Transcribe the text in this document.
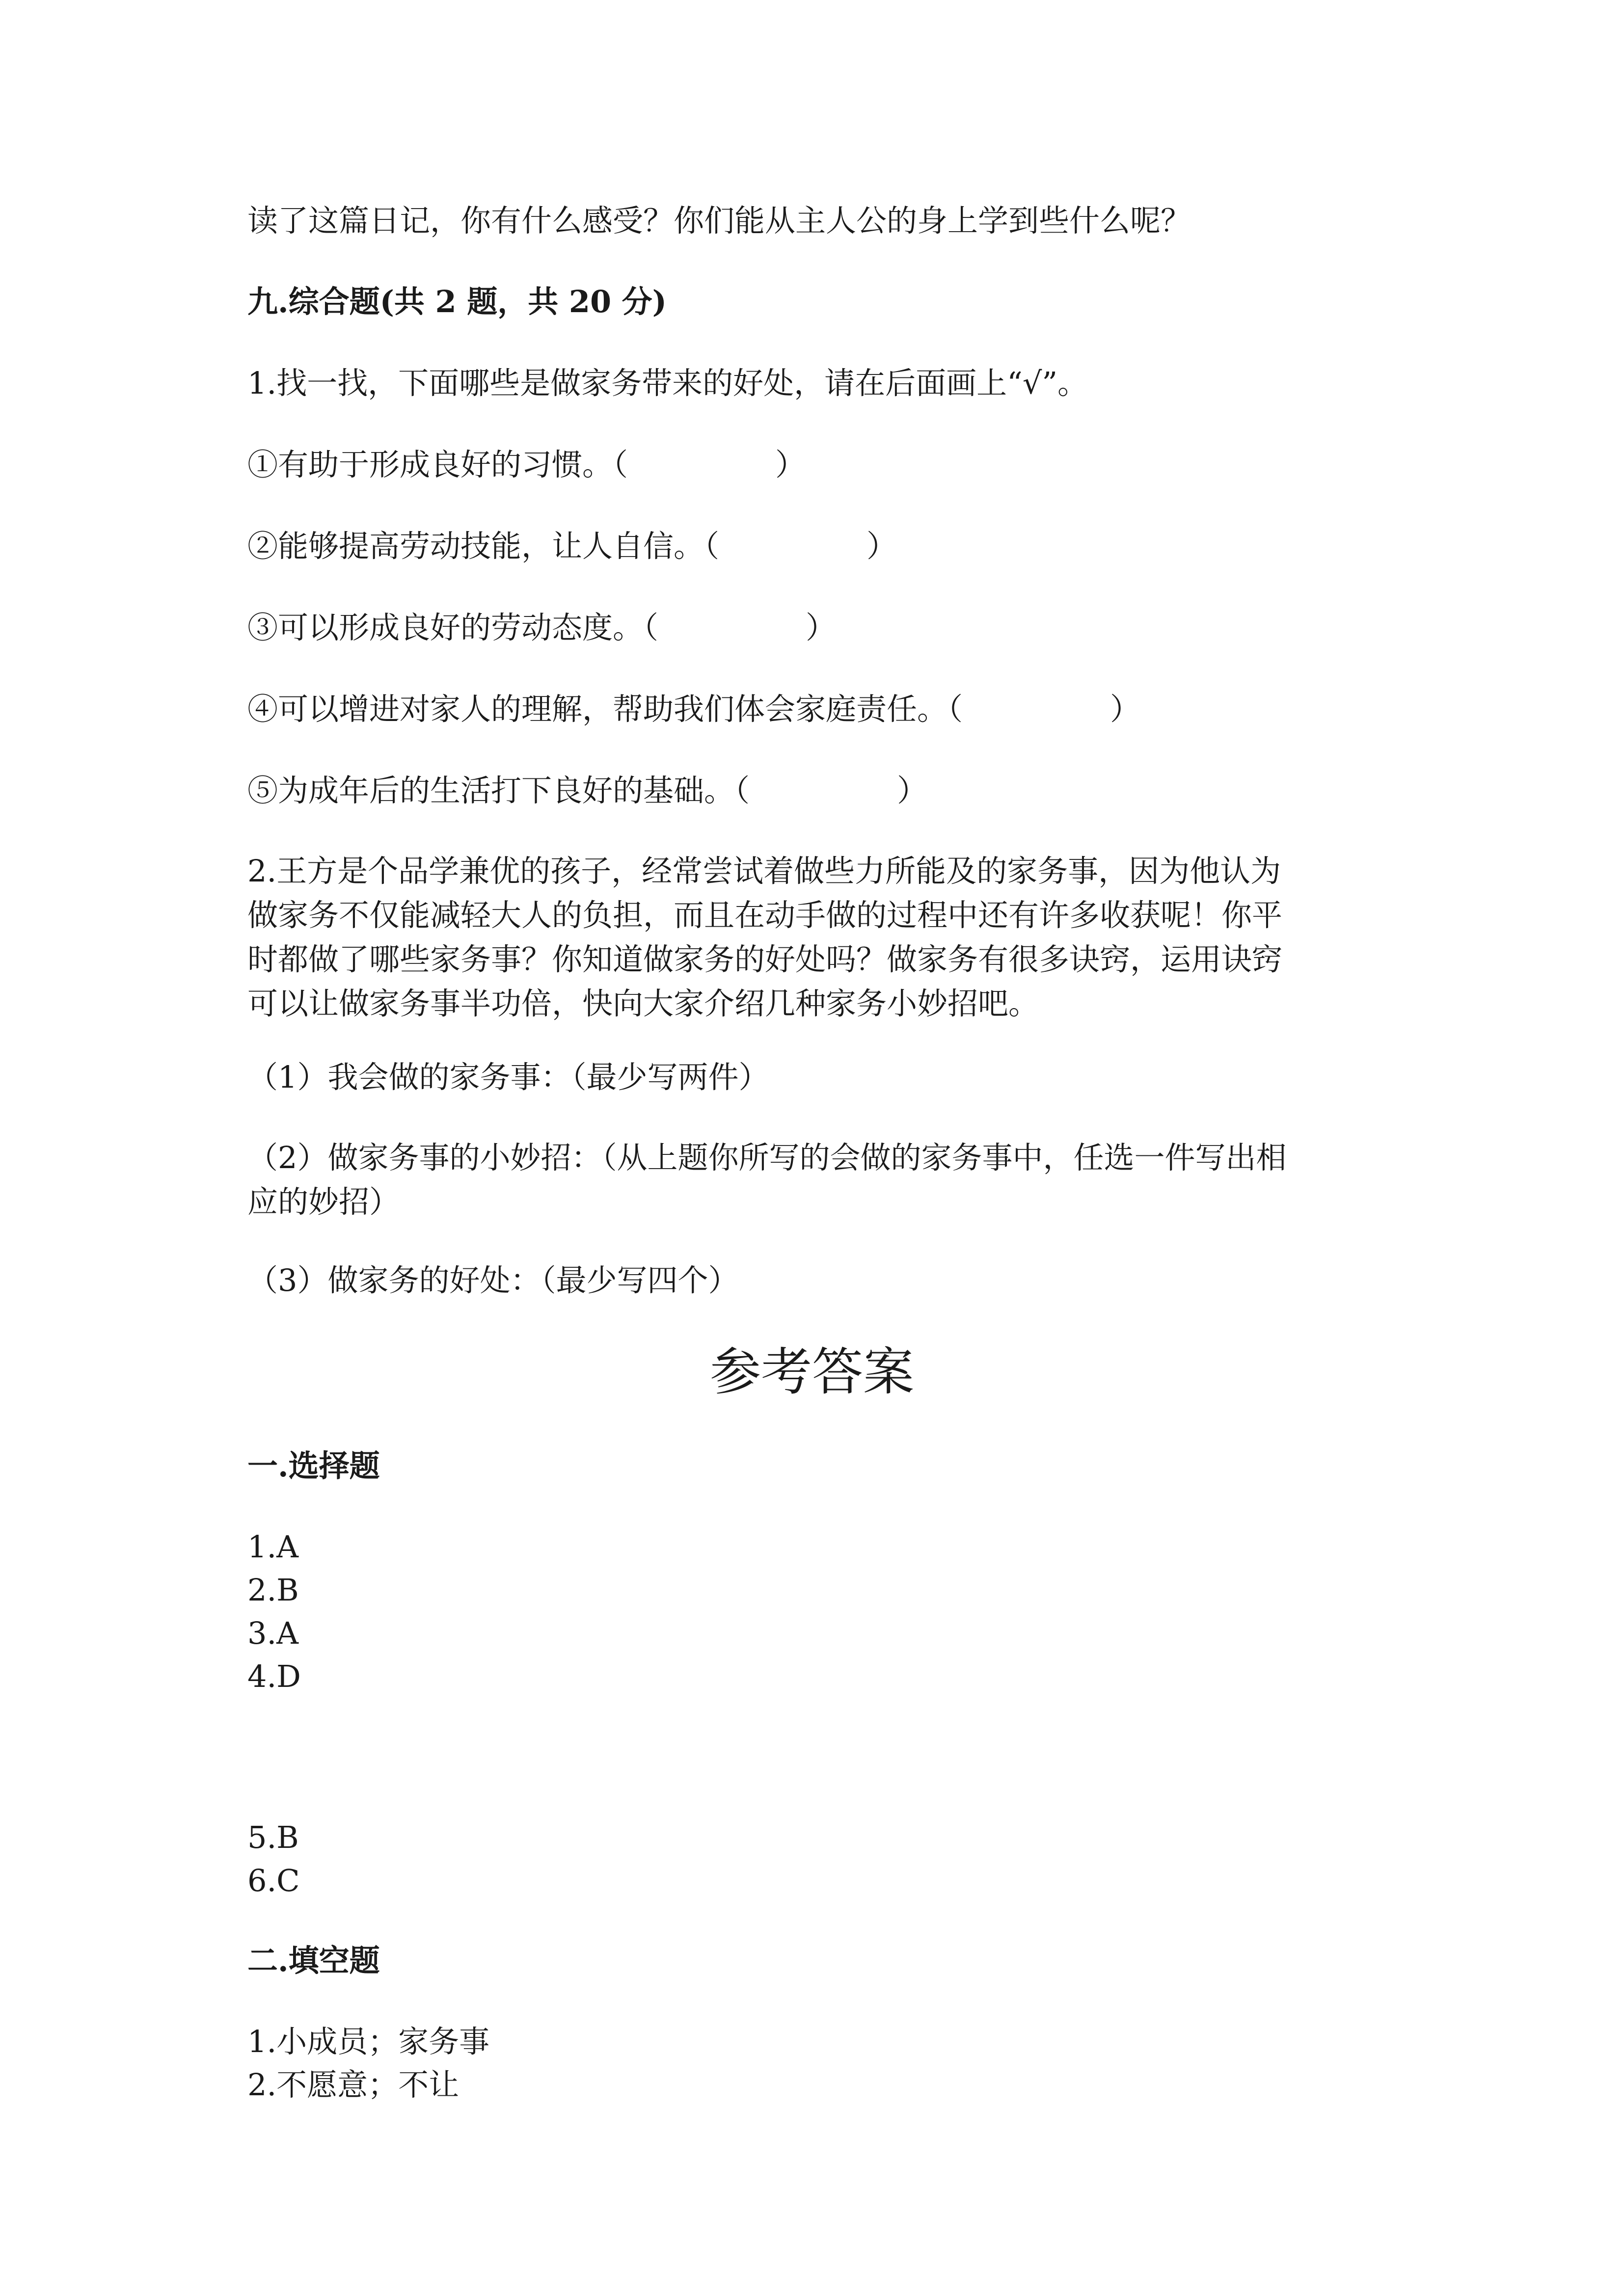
读了这篇日记，你有什么感受？你们能从主人公的身上学到些什么呢？
九.综合题(共 2 题，共 20 分)
1.找一找，下面哪些是做家务带来的好处，请在后面画上“√”。
①有助于形成良好的习惯。（	）
②能够提高劳动技能，让人自信。（	）
③可以形成良好的劳动态度。（	）
④可以增进对家人的理解，帮助我们体会家庭责任。（	）
⑤为成年后的生活打下良好的基础。（	）
2.王方是个品学兼优的孩子，经常尝试着做些力所能及的家务事，因为他认为
做家务不仅能减轻大人的负担，而且在动手做的过程中还有许多收获呢！你平
时都做了哪些家务事？你知道做家务的好处吗？做家务有很多诀窍，运用诀窍
可以让做家务事半功倍，快向大家介绍几种家务小妙招吧。
（1）我会做的家务事：（最少写两件）
（2）做家务事的小妙招：（从上题你所写的会做的家务事中，任选一件写出相
应的妙招）
（3）做家务的好处：（最少写四个）
参考答案
一.选择题
1.A
2.B
3.A
4.D
5.B
6.C
二.填空题
1.小成员；家务事
2.不愿意；不让
